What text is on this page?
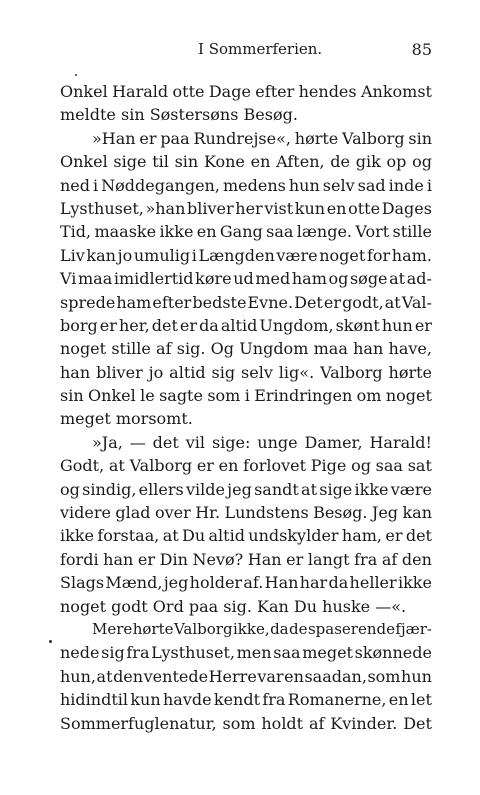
I Sommerferien.	85
Onkel Harald otte Dage efter hendes Ankomst
meldte sin Søstersøns Besøg.
»Han er paa Rundrejse«, hørte Valborg sin
Onkel sige til sin Kone en Aften, de gik op og
ned i Nøddegangen, medens hun selv sad inde i
Lysthuset, »han bliver her vist kun en otte Dages
Tid, maaske ikke en Gang saa længe. Vort stille
Liv kan jo umulig i Længden være noget for ham.
Vi maa imidlertid køre ud med ham og søge at ad-
sprede ham efter bedste Evne. Det er godt, at Val-
borg er her, det er da altid Ungdom, skønt hun er
noget stille af sig. Og Ungdom maa han have,
han bliver jo altid sig selv lig«. Valborg hørte
sin Onkel le sagte som i Erindringen om noget
meget morsomt.
»Ja, — det vil sige: unge Damer, Harald!
Godt, at Valborg er en forlovet Pige og saa sat
og sindig, ellers vilde jeg sandt at sige ikke være
videre glad over Hr. Lundstens Besøg. Jeg kan
ikke forstaa, at Du altid undskylder ham, er det
fordi han er Din Nevø? Han er langt fra af den
Slags Mænd, jeg holder af. Han har da heller ikke
noget godt Ord paa sig. Kan Du huske —«.
Mere hørte Valborg ikke, da de spaserende fjær-
nede sig fra Lysthuset, men saa meget skønnede
hun, at den ventede Herre var en saadan, som hun
hidindtil kun havde kendt fra Romanerne, en let
Sommerfuglenatur, som holdt af Kvinder. Det
